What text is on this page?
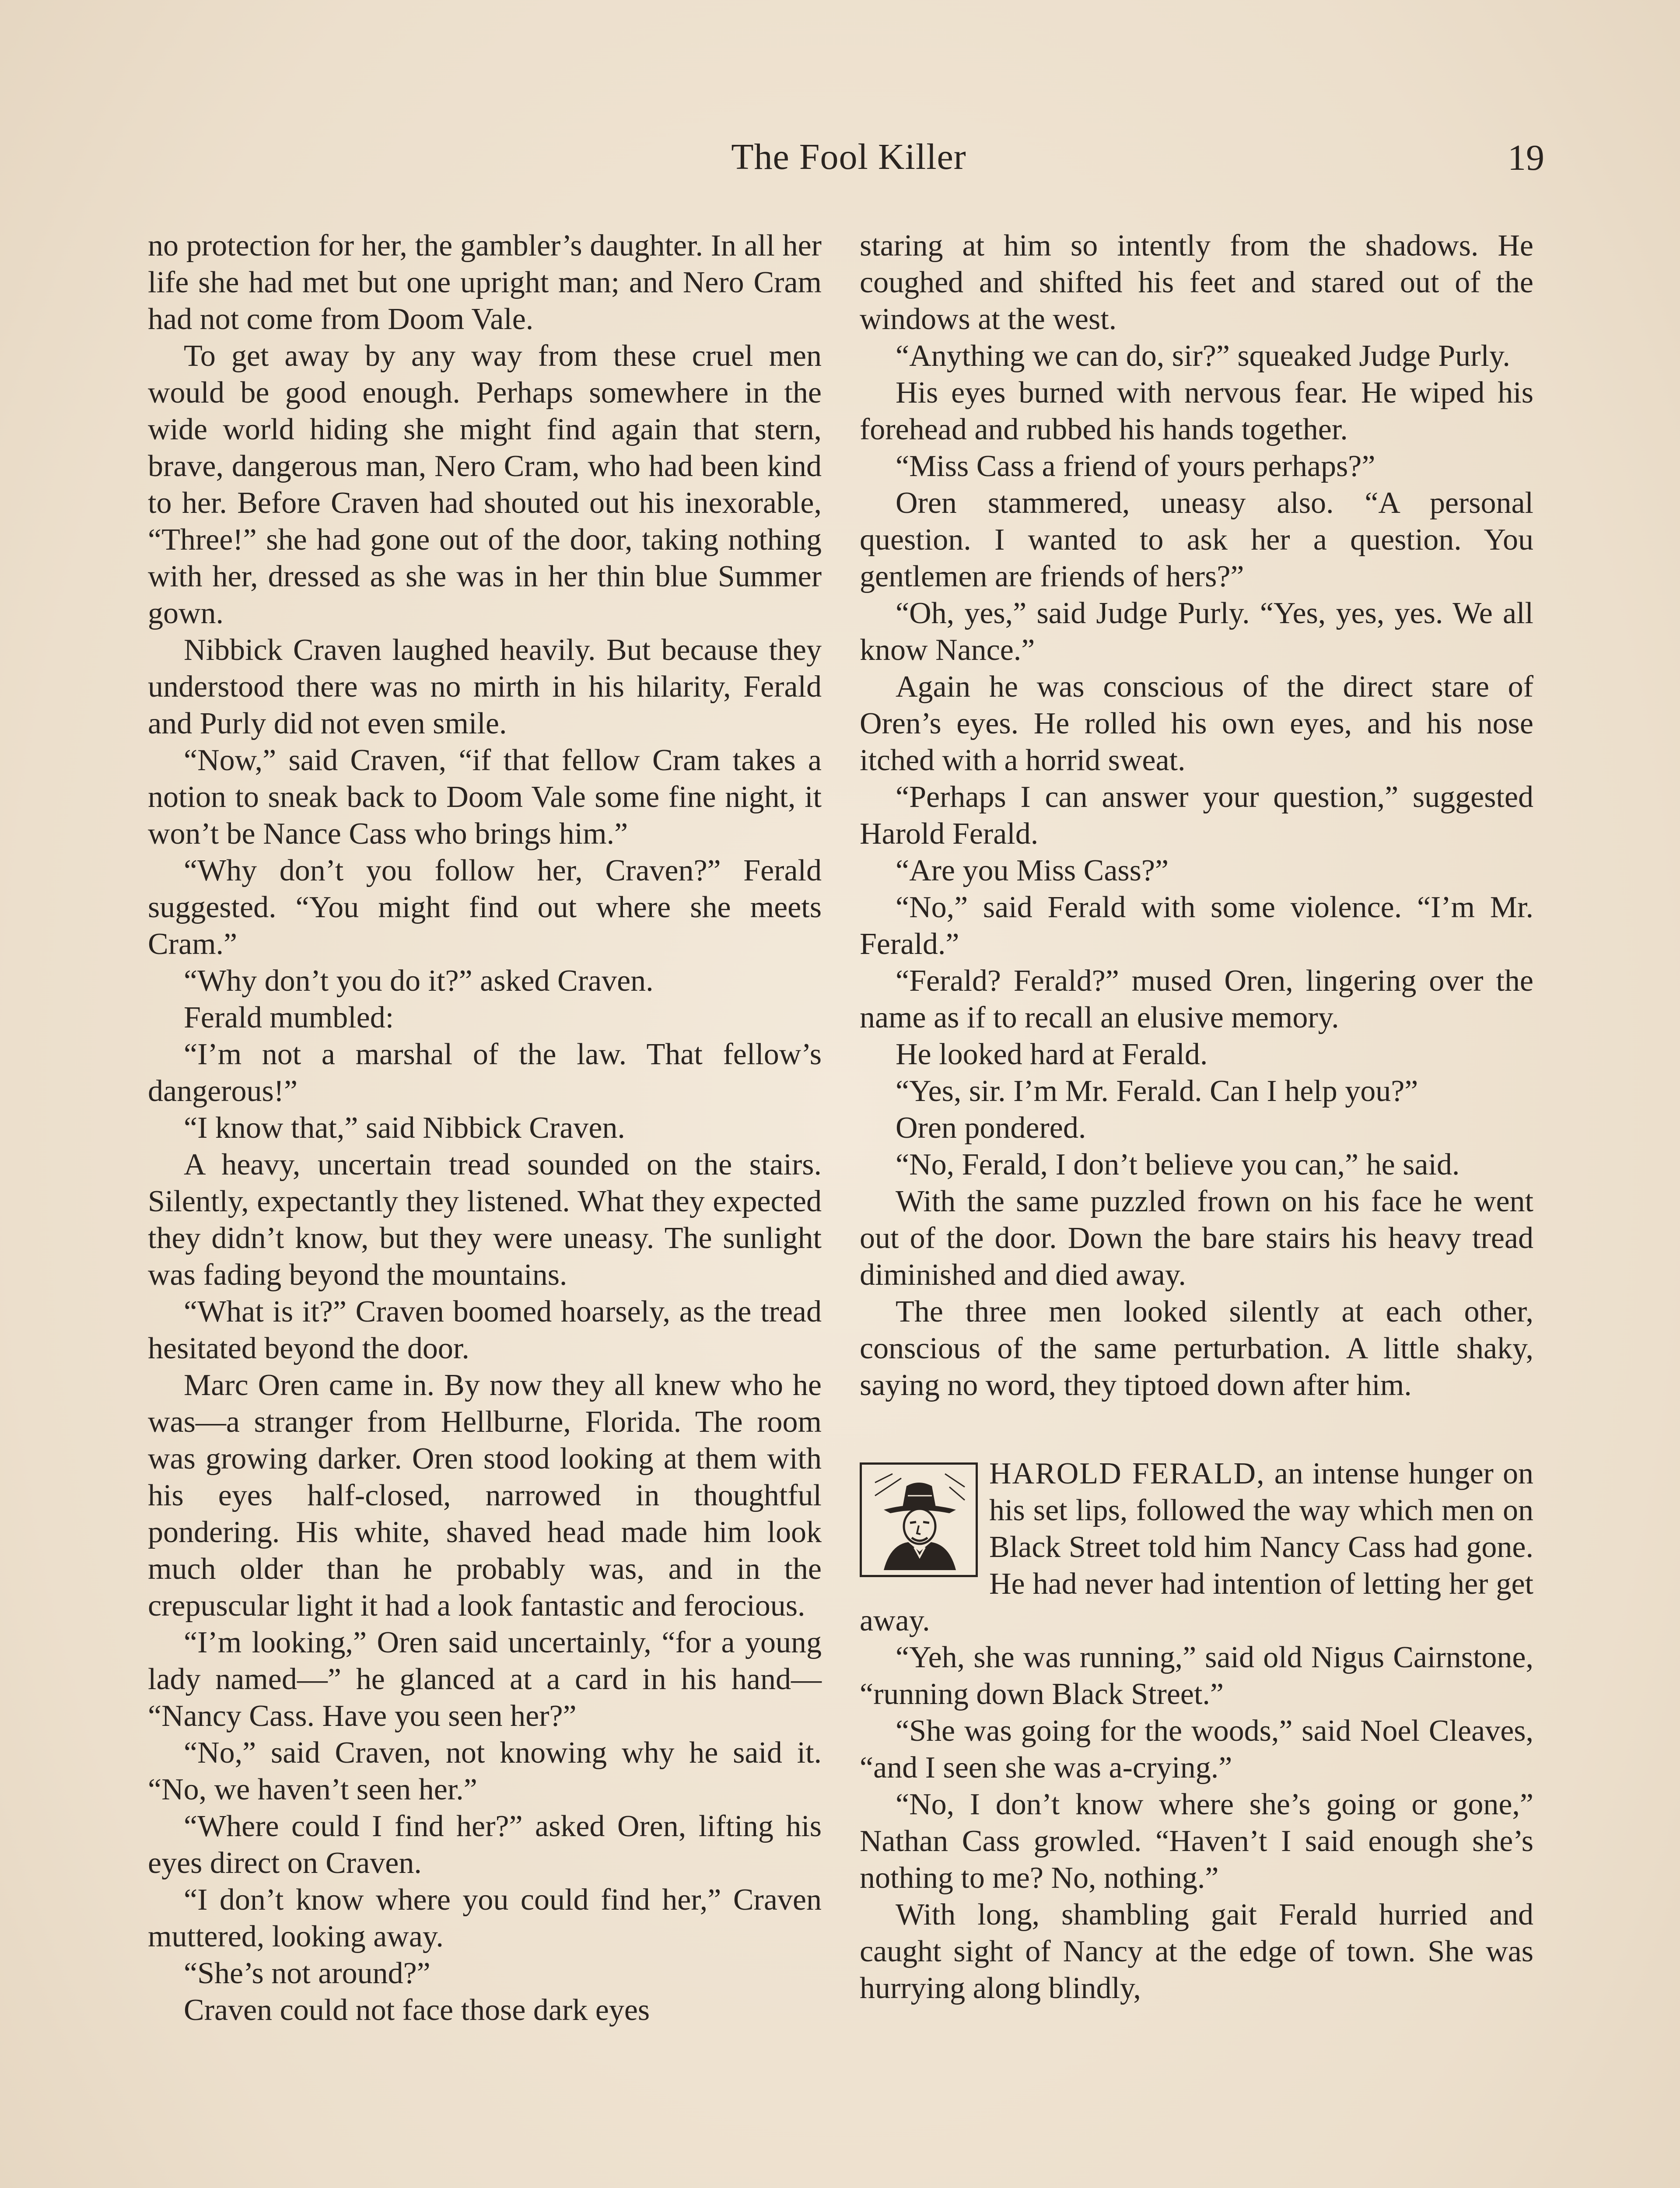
The Fool Killer	19

no protection for her, the gambler’s daughter. In all her life she had met but one upright man; and Nero Cram had not come from Doom Vale.

To get away by any way from these cruel men would be good enough. Perhaps somewhere in the wide world hiding she might find again that stern, brave, dangerous man, Nero Cram, who had been kind to her. Before Craven had shouted out his inexorable, “Three!” she had gone out of the door, taking nothing with her, dressed as she was in her thin blue Summer gown.

Nibbick Craven laughed heavily. But because they understood there was no mirth in his hilarity, Ferald and Purly did not even smile.

“Now,” said Craven, “if that fellow Cram takes a notion to sneak back to Doom Vale some fine night, it won’t be Nance Cass who brings him.”

“Why don’t you follow her, Craven?” Ferald suggested. “You might find out where she meets Cram.”

“Why don’t you do it?” asked Craven.

Ferald mumbled:

“I’m not a marshal of the law. That fellow’s dangerous!”

“I know that,” said Nibbick Craven.

A heavy, uncertain tread sounded on the stairs. Silently, expectantly they listened. What they expected they didn’t know, but they were uneasy. The sunlight was fading beyond the mountains.

“What is it?” Craven boomed hoarsely, as the tread hesitated beyond the door.

Marc Oren came in. By now they all knew who he was—a stranger from Hellburne, Florida. The room was growing darker. Oren stood looking at them with his eyes half-closed, narrowed in thoughtful pondering. His white, shaved head made him look much older than he probably was, and in the crepuscular light it had a look fantastic and ferocious.

“I’m looking,” Oren said uncertainly, “for a young lady named—” he glanced at a card in his hand— “Nancy Cass. Have you seen her?”

“No,” said Craven, not knowing why he said it. “No, we haven’t seen her.”

“Where could I find her?” asked Oren, lifting his eyes direct on Craven.

“I don’t know where you could find her,” Craven muttered, looking away.

“She’s not around?”

Craven could not face those dark eyes

staring at him so intently from the shadows. He coughed and shifted his feet and stared out of the windows at the west.

“Anything we can do, sir?” squeaked Judge Purly.

His eyes burned with nervous fear. He wiped his forehead and rubbed his hands together.

“Miss Cass a friend of yours perhaps?”

Oren stammered, uneasy also. “A personal question. I wanted to ask her a question. You gentlemen are friends of hers?”

“Oh, yes,” said Judge Purly. “Yes, yes, yes. We all know Nance.”

Again he was conscious of the direct stare of Oren’s eyes. He rolled his own eyes, and his nose itched with a horrid sweat.

“Perhaps I can answer your question,” suggested Harold Ferald.

“Are you Miss Cass?”

“No,” said Ferald with some violence. “I’m Mr. Ferald.”

“Ferald? Ferald?” mused Oren, lingering over the name as if to recall an elusive memory.

He looked hard at Ferald.

“Yes, sir. I’m Mr. Ferald. Can I help you?”

Oren pondered.

“No, Ferald, I don’t believe you can,” he said.

With the same puzzled frown on his face he went out of the door. Down the bare stairs his heavy tread diminished and died away.

The three men looked silently at each other, conscious of the same perturbation. A little shaky, saying no word, they tiptoed down after him.

HAROLD FERALD, an intense hunger on his set lips, followed the way which men on Black Street told him Nancy Cass had gone. He had never had intention of letting her get away.

“Yeh, she was running,” said old Nigus Cairnstone, “running down Black Street.”

“She was going for the woods,” said Noel Cleaves, “and I seen she was a-crying.”

“No, I don’t know where she’s going or gone,” Nathan Cass growled. “Haven’t I said enough she’s nothing to me? No, nothing.”

With long, shambling gait Ferald hurried and caught sight of Nancy at the edge of town. She was hurrying along blindly,
